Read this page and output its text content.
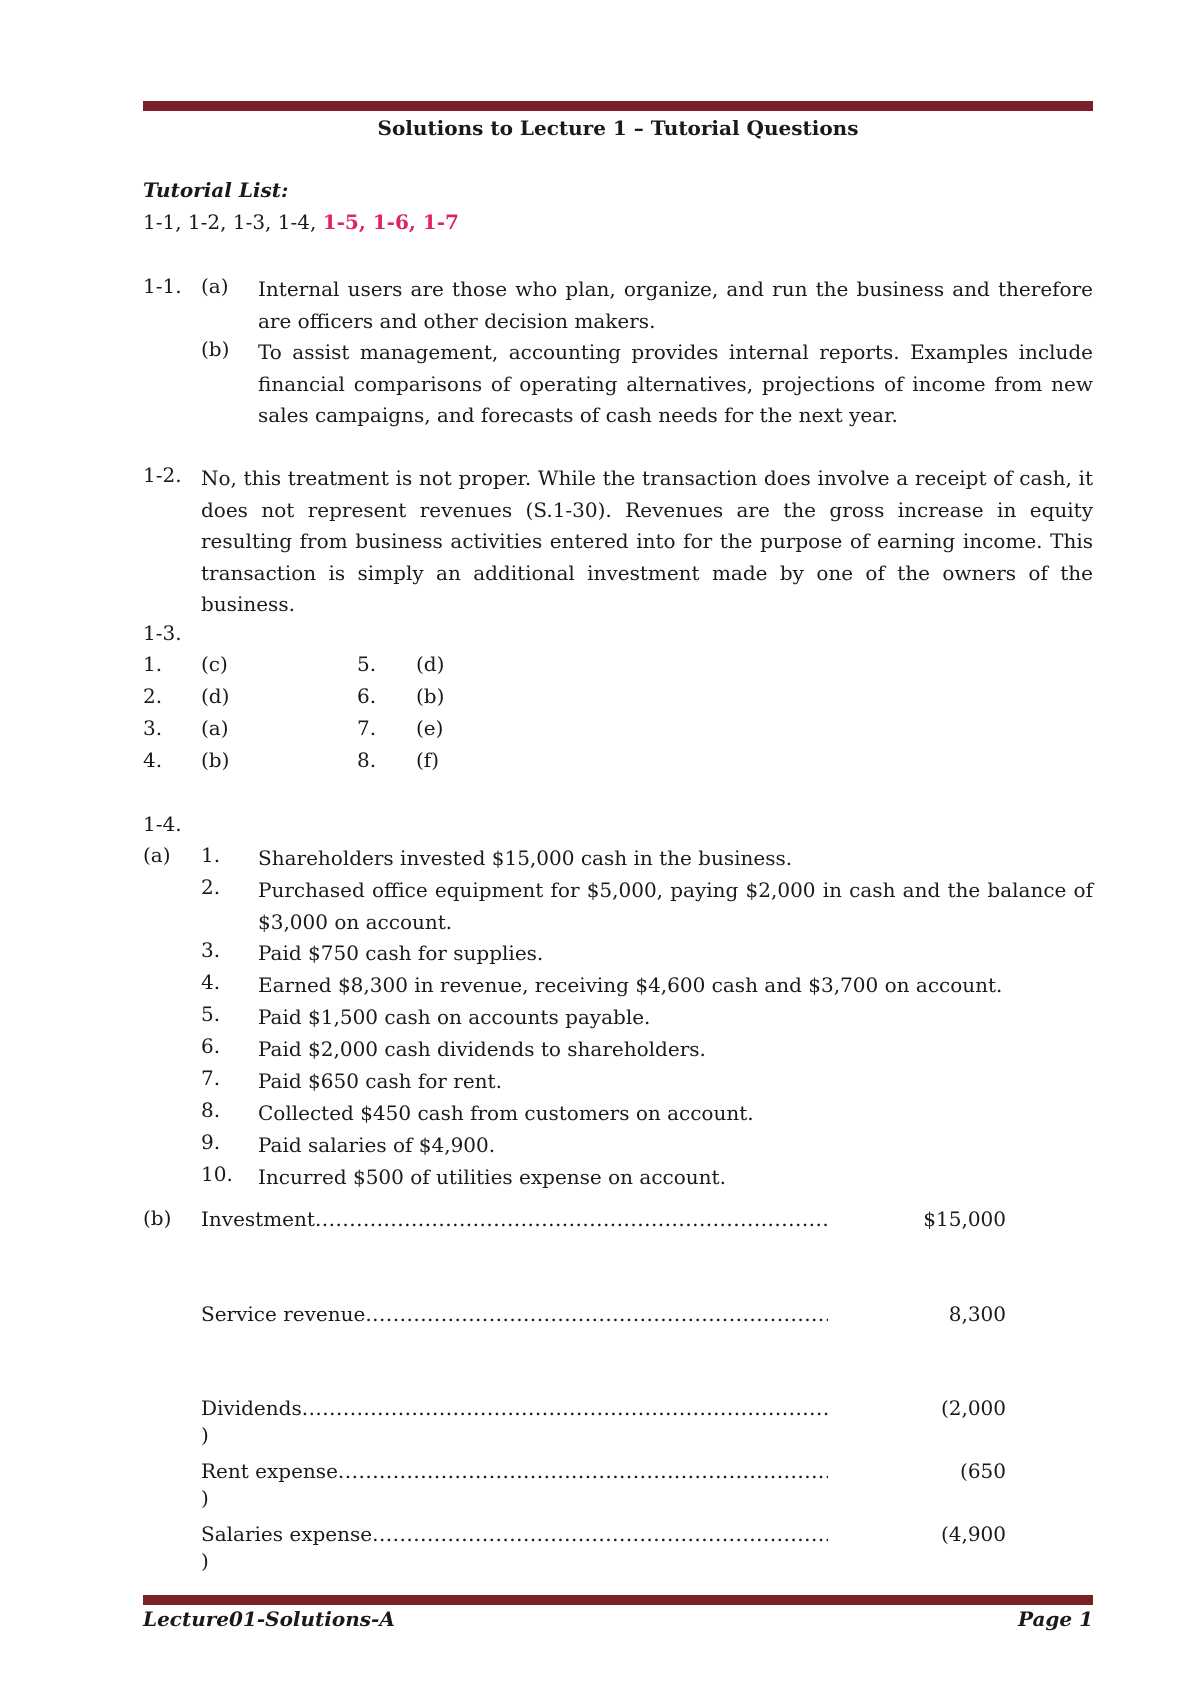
Solutions to Lecture 1 – Tutorial Questions
Tutorial List:
1-1, 1-2, 1-3, 1-4, 1-5, 1-6, 1-7
1-1. (a) Internal users are those who plan, organize, and run the business and therefore are officers and other decision makers.
(b) To assist management, accounting provides internal reports. Examples include financial comparisons of operating alternatives, projections of income from new sales campaigns, and forecasts of cash needs for the next year.
1-2. No, this treatment is not proper. While the transaction does involve a receipt of cash, it does not represent revenues (S.1-30). Revenues are the gross increase in equity resulting from business activities entered into for the purpose of earning income. This transaction is simply an additional investment made by one of the owners of the business.
1-3.
1. (c)	5. (d)
2. (d)	6. (b)
3. (a)	7. (e)
4. (b)	8. (f)
1-4.
(a) 1. Shareholders invested $15,000 cash in the business.
2. Purchased office equipment for $5,000, paying $2,000 in cash and the balance of $3,000 on account.
3. Paid $750 cash for supplies.
4. Earned $8,300 in revenue, receiving $4,600 cash and $3,700 on account.
5. Paid $1,500 cash on accounts payable.
6. Paid $2,000 cash dividends to shareholders.
7. Paid $650 cash for rent.
8. Collected $450 cash from customers on account.
9. Paid salaries of $4,900.
10. Incurred $500 of utilities expense on account.
(b) Investment .....	$15,000
Service revenue .....	8,300
Dividends .....	(2,000
)
Rent expense .....	(650
)
Salaries expense .....	(4,900
)
Lecture01-Solutions-A	Page 1
